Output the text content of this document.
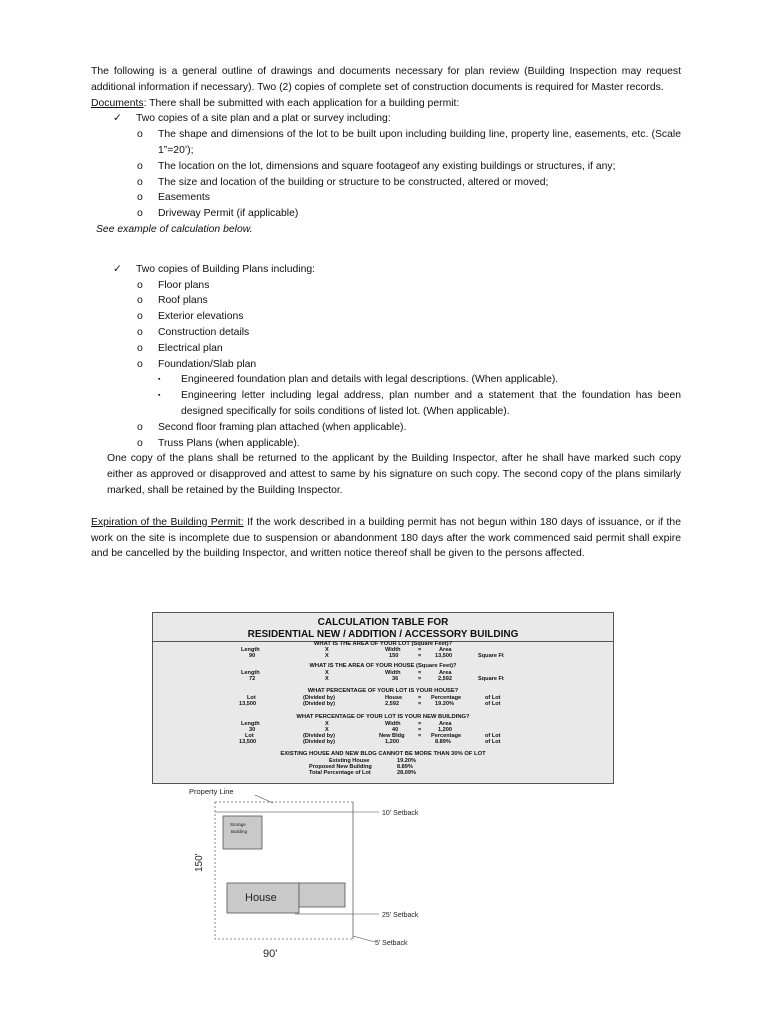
The following is a general outline of drawings and documents necessary for plan review (Building Inspection may request additional information if necessary). Two (2) copies of complete set of construction documents is required for Master records.

Documents: There shall be submitted with each application for a building permit:

✓ Two copies of a site plan and a plat or survey including:
o The shape and dimensions of the lot to be built upon including building line, property line, easements, etc. (Scale 1”=20’);
o The location on the lot, dimensions and square footageof any existing buildings or structures, if any;
o The size and location of the building or structure to be constructed, altered or moved;
o Easements
o Driveway Permit (if applicable)

See example of calculation below.

✓ Two copies of Building Plans including:
o Floor plans
o Roof plans
o Exterior elevations
o Construction details
o Electrical plan
o Foundation/Slab plan
▪ Engineered foundation plan and details with legal descriptions. (When applicable).
▪ Engineering letter including legal address, plan number and a statement that the foundation has been designed specifically for soils conditions of listed lot. (When applicable).
o Second floor framing plan attached (when applicable).
o Truss Plans (when applicable).

One copy of the plans shall be returned to the applicant by the Building Inspector, after he shall have marked such copy either as approved or disapproved and attest to same by his signature on such copy. The second copy of the plans similarly marked, shall be retained by the Building Inspector.

Expiration of the Building Permit: If the work described in a building permit has not begun within 180 days of issuance, or if the work on the site is incomplete due to suspension or abandonment 180 days after the work commenced said permit shall expire and be cancelled by the building Inspector, and written notice thereof shall be given to the persons affected.

CALCULATION TABLE FOR
RESIDENTIAL NEW / ADDITION / ACCESSORY BUILDING
WHAT IS THE AREA OF YOUR LOT (Square Feet)?
Length	X	Width	=	Area
90	X	150	= 13,500	Square Ft
WHAT IS THE AREA OF YOUR HOUSE (Square Feet)?
Length	X	Width	=	Area
72	X	36	=	2,592	Square Ft
WHAT PERCENTAGE OF YOUR LOT IS YOUR HOUSE?
Lot	(Divided by)	House	= Percentage	of Lot
13,500	(Divided by)	2,592	= 19.20%	of Lot
WHAT PERCENTAGE OF YOUR LOT IS YOUR NEW BUILDING?
Length	X	Width	=	Area
30	X	40	=	1,200
Lot	(Divided by)	New Bldg = Percentage	of Lot
13,500	(Divided by)	1,200	8.89%	of Lot
EXISTING HOUSE AND NEW BLDG CANNOT BE MORE THAN 30% OF LOT
Existing House	19.20%
Proposed New Building	8.89%
Total Percentage of Lot	28.09%
Property Line
10' Setback
25' Setback
5' Setback
Storage
Building
House
150'
90'
